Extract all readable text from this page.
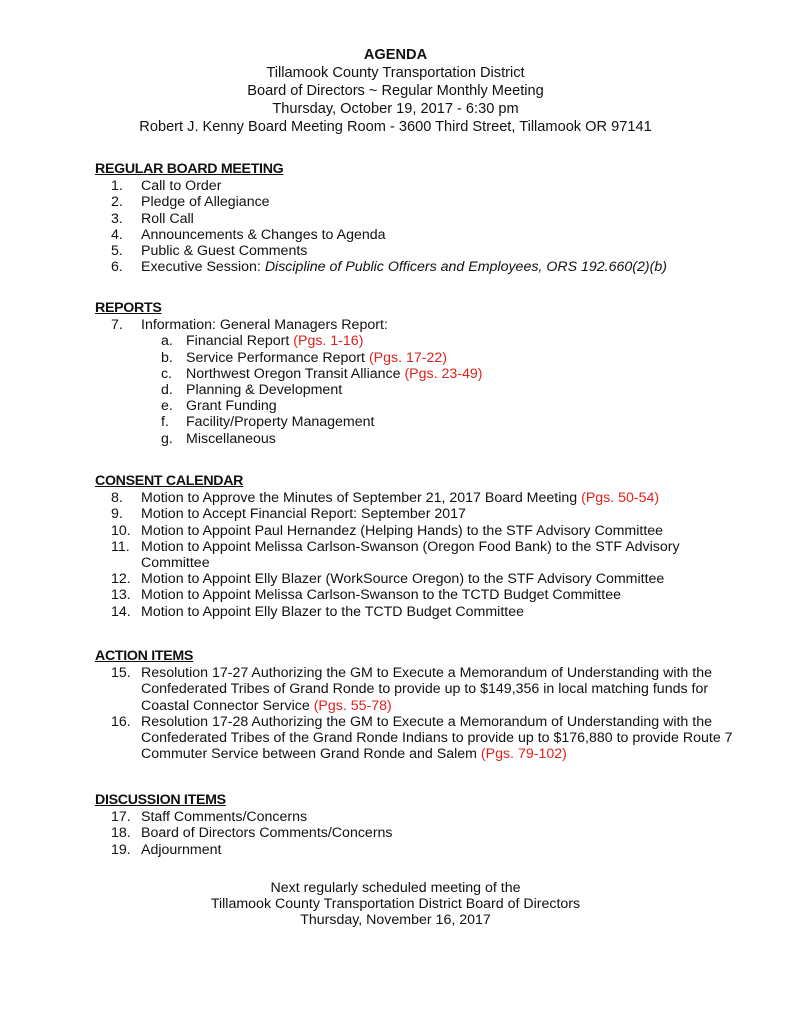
AGENDA
Tillamook County Transportation District
Board of Directors ~ Regular Monthly Meeting
Thursday, October 19, 2017 - 6:30 pm
Robert J. Kenny Board Meeting Room - 3600 Third Street, Tillamook OR 97141
REGULAR BOARD MEETING
1.	Call to Order
2.	Pledge of Allegiance
3.	Roll Call
4.	Announcements & Changes to Agenda
5.	Public & Guest Comments
6.	Executive Session: Discipline of Public Officers and Employees, ORS 192.660(2)(b)
REPORTS
7.	Information: General Managers Report:
a. Financial Report (Pgs. 1-16)
b. Service Performance Report (Pgs. 17-22)
c. Northwest Oregon Transit Alliance (Pgs. 23-49)
d. Planning & Development
e. Grant Funding
f.	Facility/Property Management
g. Miscellaneous
CONSENT CALENDAR
8.	Motion to Approve the Minutes of September 21, 2017 Board Meeting (Pgs. 50-54)
9.	Motion to Accept Financial Report: September 2017
10. Motion to Appoint Paul Hernandez (Helping Hands) to the STF Advisory Committee
11. Motion to Appoint Melissa Carlson-Swanson (Oregon Food Bank) to the STF Advisory Committee
12. Motion to Appoint Elly Blazer (WorkSource Oregon) to the STF Advisory Committee
13. Motion to Appoint Melissa Carlson-Swanson to the TCTD Budget Committee
14. Motion to Appoint Elly Blazer to the TCTD Budget Committee
ACTION ITEMS
15. Resolution 17-27 Authorizing the GM to Execute a Memorandum of Understanding with the Confederated Tribes of Grand Ronde to provide up to $149,356 in local matching funds for Coastal Connector Service (Pgs. 55-78)
16. Resolution 17-28 Authorizing the GM to Execute a Memorandum of Understanding with the Confederated Tribes of the Grand Ronde Indians to provide up to $176,880 to provide Route 7 Commuter Service between Grand Ronde and Salem (Pgs. 79-102)
DISCUSSION ITEMS
17. Staff Comments/Concerns
18. Board of Directors Comments/Concerns
19. Adjournment
Next regularly scheduled meeting of the
Tillamook County Transportation District Board of Directors
Thursday, November 16, 2017
